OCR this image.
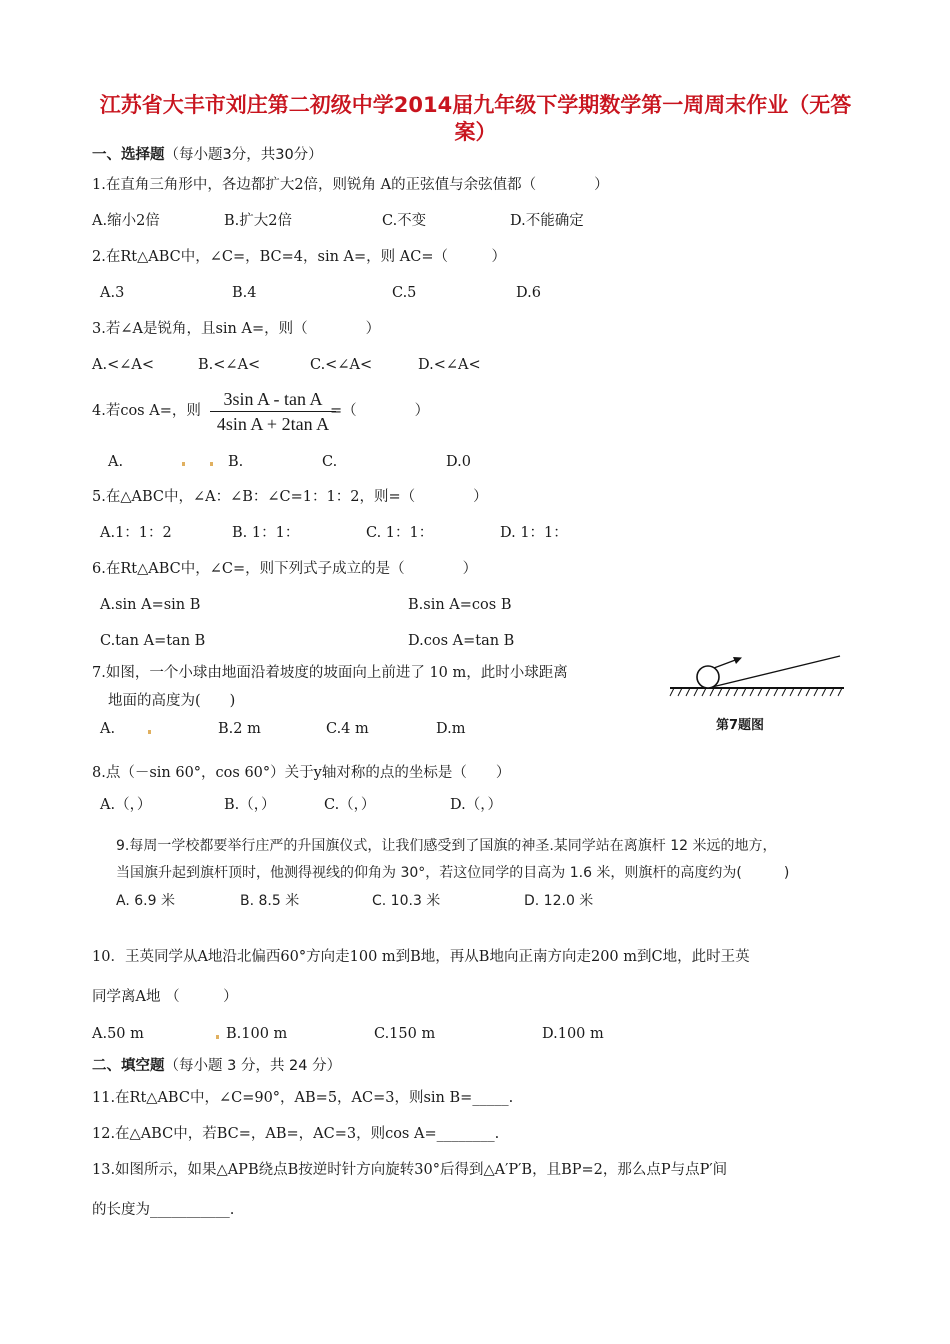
江苏省大丰市刘庄第二初级中学2014届九年级下学期数学第一周周末作业（无答案）
一、选择题（每小题3分，共30分）
1.在直角三角形中，各边都扩大2倍，则锐角 A的正弦值与余弦值都（　　　　）
A.缩小2倍	B.扩大2倍	C.不变	D.不能确定
2.在Rt△ABC中，∠C=，BC=4，sin A=，则 AC=（　　　）
A.3	B.4	C.5	D.6
3.若∠A是锐角，且sin A=，则（　　　　）
A.<∠A<	B.<∠A<	C.<∠A<	D.<∠A<
4.若cos A=，则
3sin A - tan A
4sin A + 2tan A
=（　　　　）
A.	B.	C.	D.0
5.在△ABC中，∠A：∠B：∠C=1：1：2，则=（　　　　）
A.1：1：2	B. 1：1：	C. 1：1：	D. 1：1：
6.在Rt△ABC中，∠C=，则下列式子成立的是（　　　　）
A.sin A=sin B	B.sin A=cos B
C.tan A=tan B	D.cos A=tan B
7.如图，一个小球由地面沿着坡度的坡面向上前进了 10 m，此时小球距离
地面的高度为(　　)
A.	B.2 m	C.4 m	D.m	第7题图
8.点（－sin 60°，cos 60°）关于y轴对称的点的坐标是（　　）
A.（，）	B.（，）	C.（，）	D.（，）
9.每周一学校都要举行庄严的升国旗仪式，让我们感受到了国旗的神圣.某同学站在离旗杆 12 米远的地方，
当国旗升起到旗杆顶时，他测得视线的仰角为 30°，若这位同学的目高为 1.6 米，则旗杆的高度约为(　　　)
A. 6.9 米	B. 8.5 米	C. 10.3 米	D. 12.0 米
10．王英同学从A地沿北偏西60°方向走100 m到B地，再从B地向正南方向走200 m到C地，此时王英
同学离A地 （　　　）
A.50 m	B.100 m	C.150 m	D.100 m
二、填空题（每小题 3 分，共 24 分）
11.在Rt△ABC中，∠C=90°，AB=5，AC=3，则sin B=_____.
12.在△ABC中，若BC=，AB=，AC=3，则cos A=________.
13.如图所示，如果△APB绕点B按逆时针方向旋转30°后得到△A′P′B，且BP=2，那么点P与点P′间
的长度为___________.
